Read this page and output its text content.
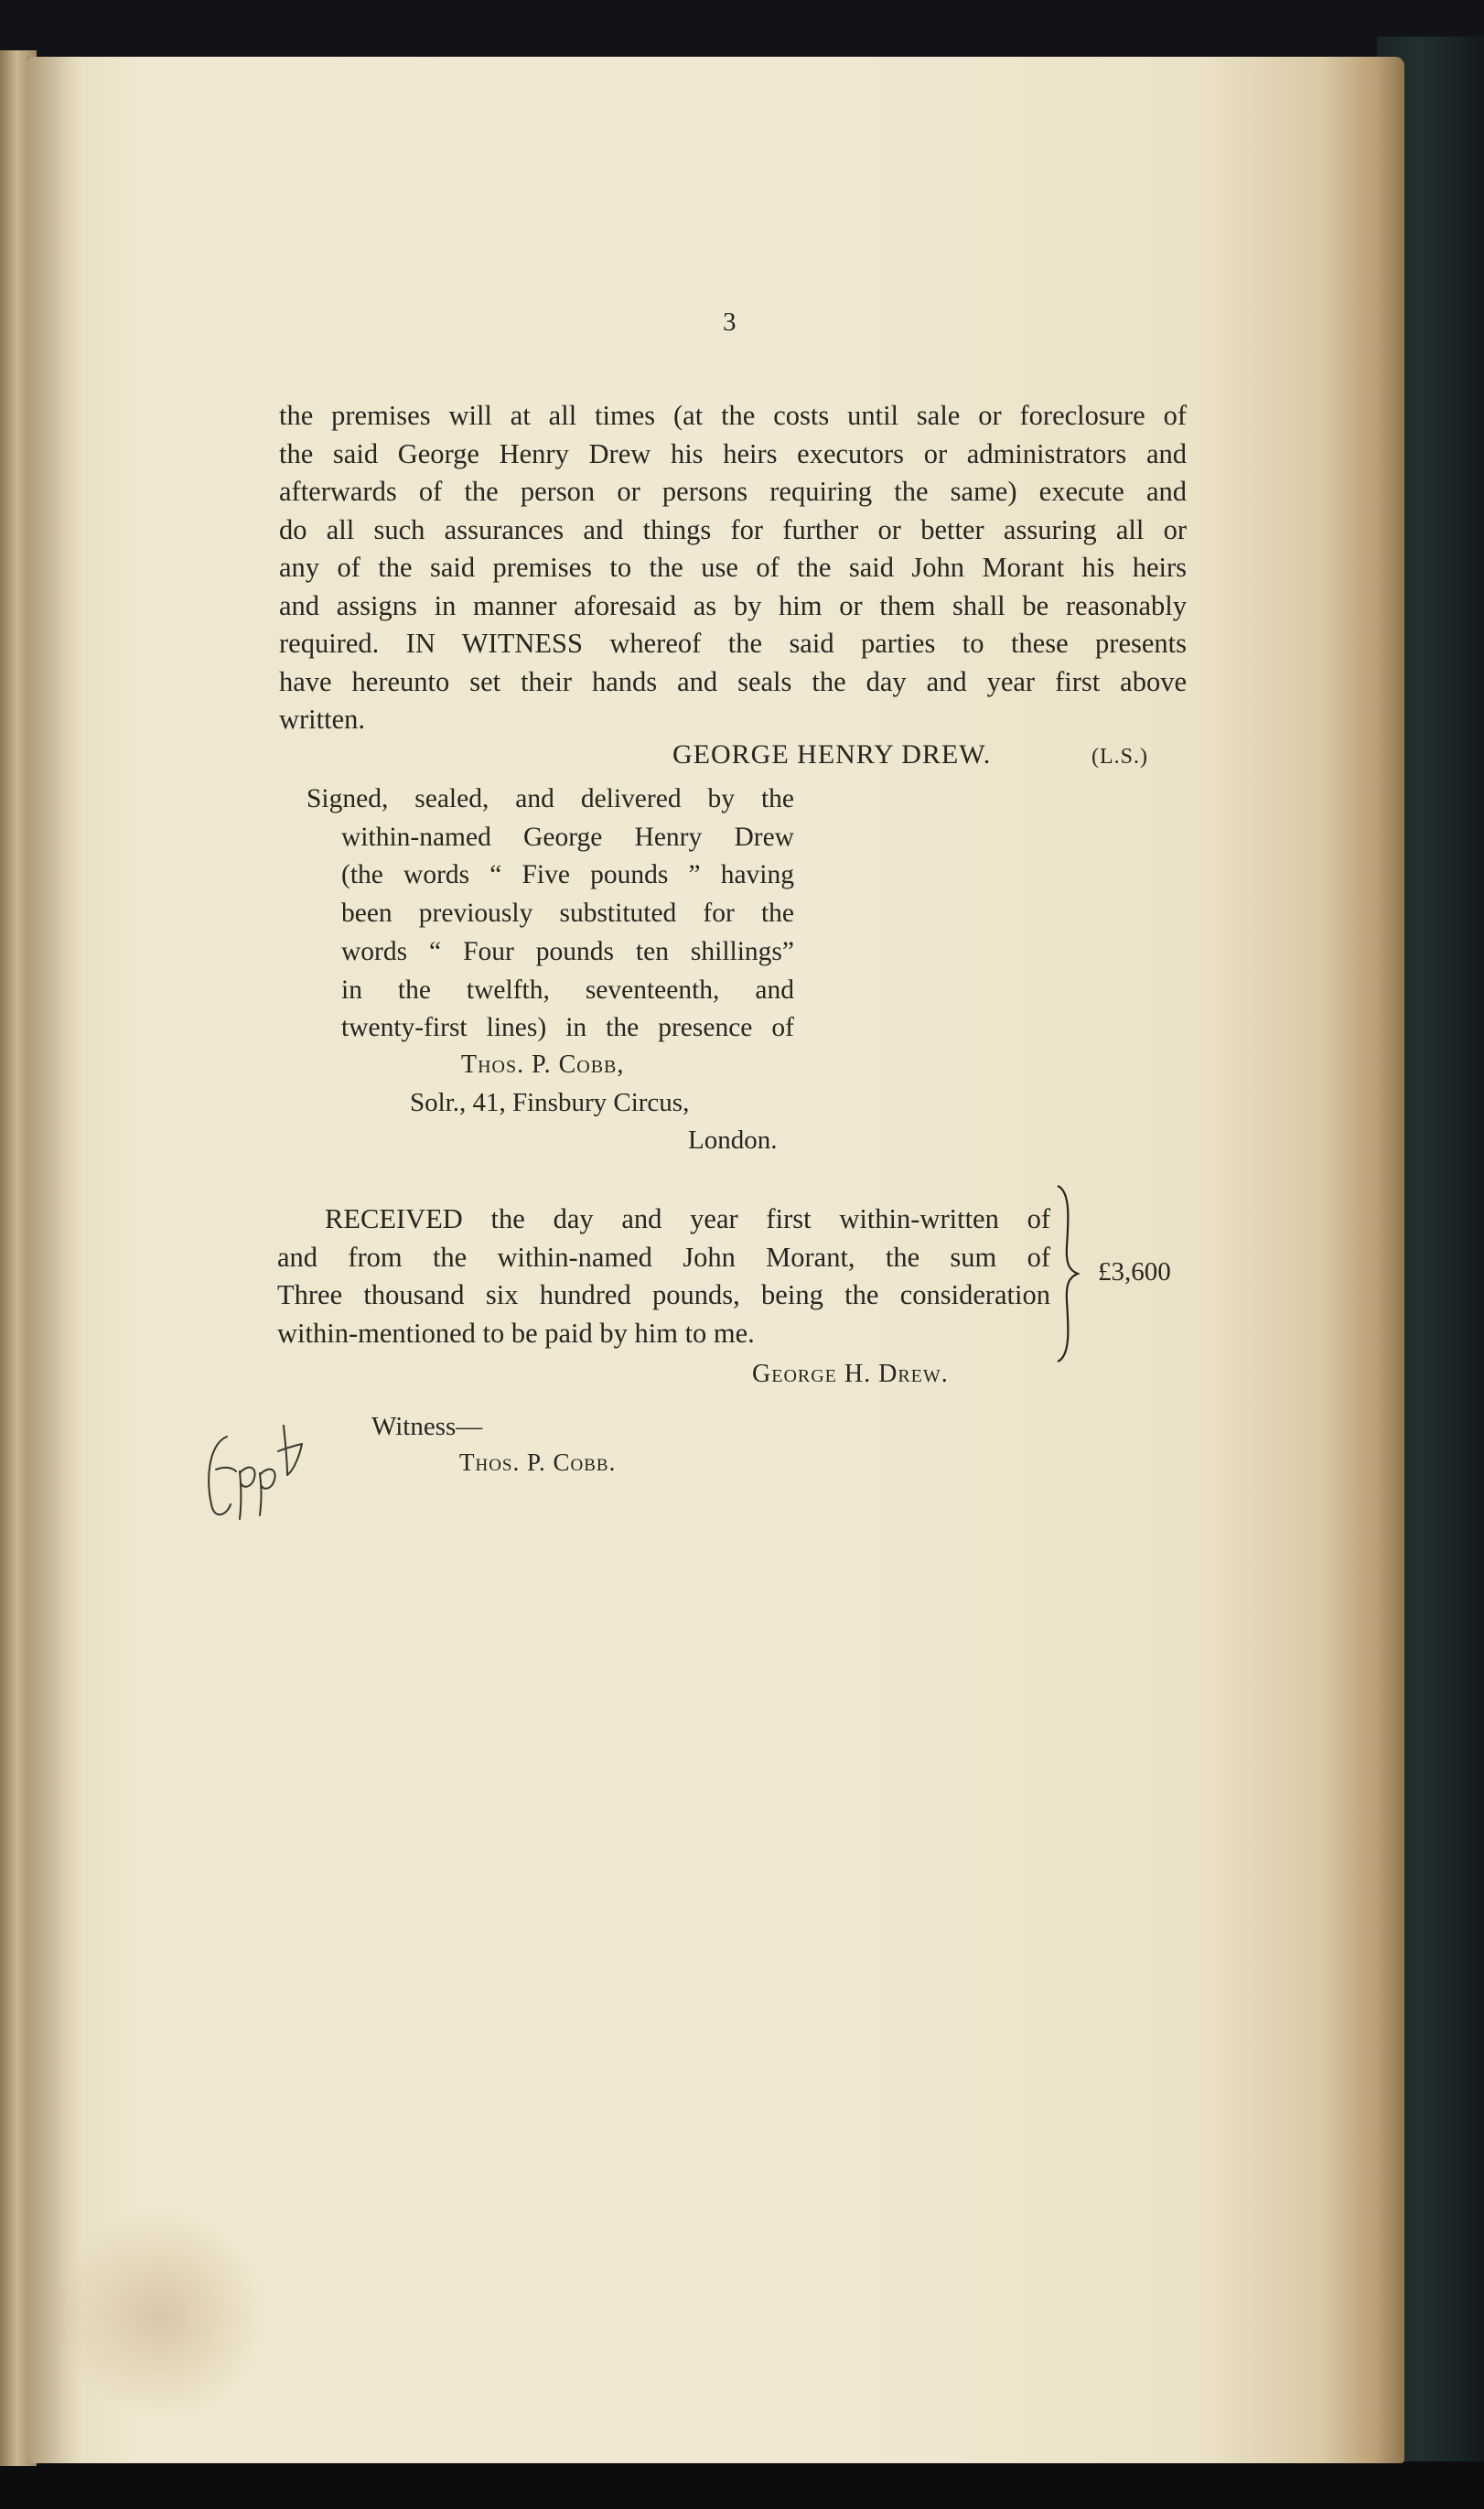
3
the premises will at all times (at the costs until sale or foreclosure of
the said George Henry Drew his heirs executors or administrators and
afterwards of the person or persons requiring the same) execute and
do all such assurances and things for further or better assuring all or
any of the said premises to the use of the said John Morant his heirs
and assigns in manner aforesaid as by him or them shall be reasonably
required. IN WITNESS whereof the said parties to these presents
have hereunto set their hands and seals the day and year first above
written.
GEORGE HENRY DREW.	(L.S.)
Signed, sealed, and delivered by the
within-named George Henry Drew
(the words “ Five pounds ” having
been previously substituted for the
words “ Four pounds ten shillings”
in the twelfth, seventeenth, and
twenty-first lines) in the presence of
Thos. P. Cobb,
Solr., 41, Finsbury Circus,
London.
RECEIVED the day and year first within-written of
and from the within-named John Morant, the sum of
Three thousand six hundred pounds, being the consideration
within-mentioned to be paid by him to me.
£3,600
George H. Drew.
Witness—
Thos. P. Cobb.
